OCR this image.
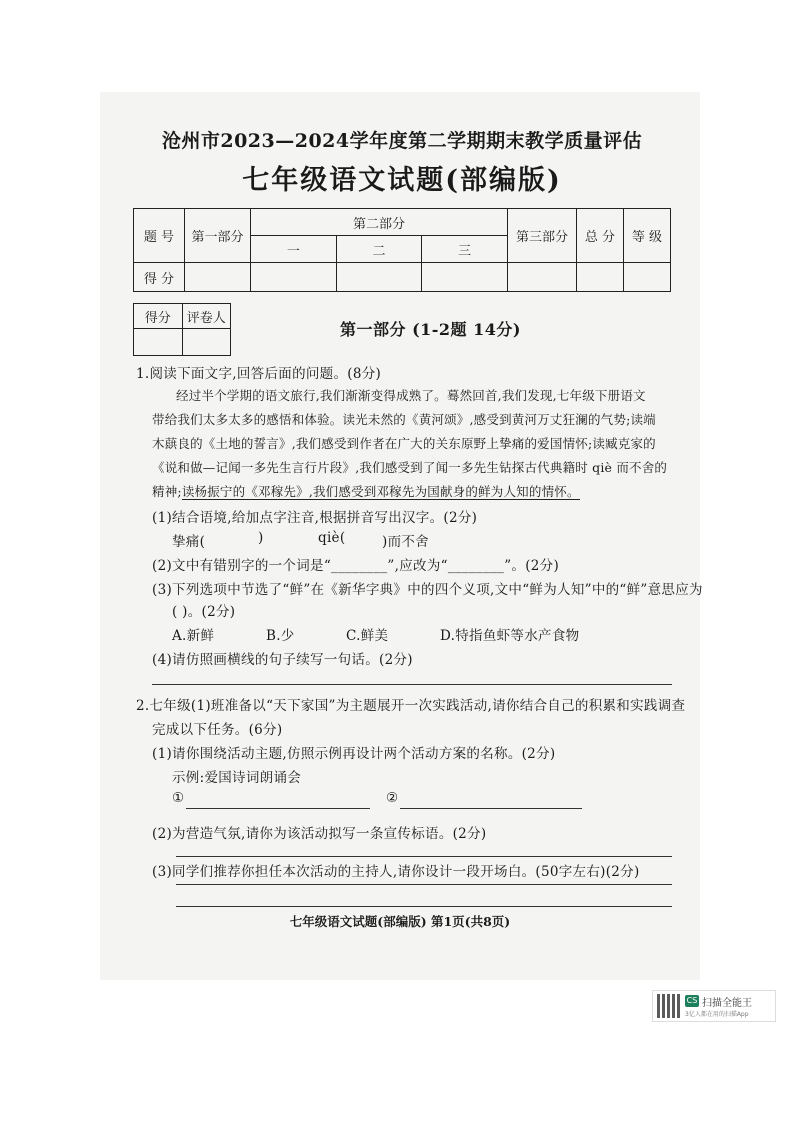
沧州市2023—2024学年度第二学期期末教学质量评估
七年级语文试题(部编版)
题 号	第一部分	第二部分			第三部分	总 分	等 级
		一	二	三			
得 分							
得分	评卷人

第一部分 (1-2题 14分)
1.阅读下面文字,回答后面的问题。(8分)
经过半个学期的语文旅行,我们渐渐变得成熟了。蓦然回首,我们发现,七年级下册语文
带给我们太多太多的感悟和体验。读光未然的《黄河颂》,感受到黄河万丈狂澜的气势;读端
木蕻良的《土地的誓言》,我们感受到作者在广大的关东原野上挚痛的爱国情怀;读臧克家的
《说和做—记闻一多先生言行片段》,我们感受到了闻一多先生钻探古代典籍时 qiè 而不舍的
精神;读杨振宁的《邓稼先》,我们感受到邓稼先为国献身的鲜为人知的情怀。
(1)结合语境,给加点字注音,根据拼音写出汉字。(2分)
挚痛(	)	qiè(	)而不舍
(2)文中有错别字的一个词是“________”,应改为“________”。(2分)
(3)下列选项中节选了“鲜”在《新华字典》中的四个义项,文中“鲜为人知”中的“鲜”意思应为
( )。(2分)
A.新鲜	B.少	C.鲜美	D.特指鱼虾等水产食物
(4)请仿照画横线的句子续写一句话。(2分)
2.七年级(1)班准备以“天下家国”为主题展开一次实践活动,请你结合自己的积累和实践调查
完成以下任务。(6分)
(1)请你围绕活动主题,仿照示例再设计两个活动方案的名称。(2分)
示例:爱国诗词朗诵会
①	②
(2)为营造气氛,请你为该活动拟写一条宣传标语。(2分)
(3)同学们推荐你担任本次活动的主持人,请你设计一段开场白。(50字左右)(2分)
七年级语文试题(部编版) 第1页(共8页)
CS 扫描全能王
3亿人都在用的扫描App
